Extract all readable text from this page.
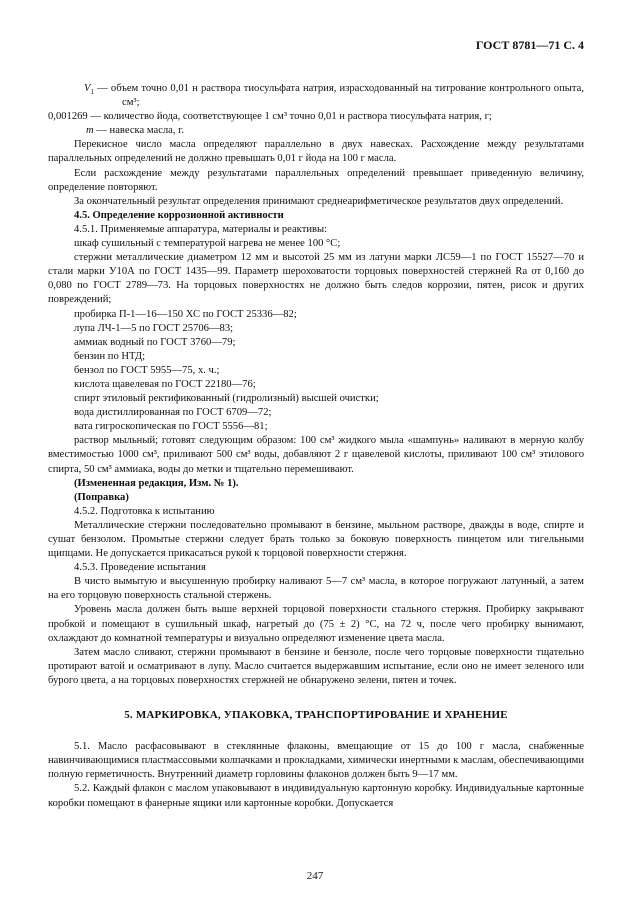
ГОСТ 8781—71 С. 4

$V_1$ — объем точно 0,01 н раствора тиосульфата натрия, израсходованный на титрование контрольного опыта, см³;

0,001269 — количество йода, соответствующее 1 см³ точно 0,01 н раствора тиосульфата натрия, г;

m — навеска масла, г.

Перекисное число масла определяют параллельно в двух навесках. Расхождение между результатами параллельных определений не должно превышать 0,01 г йода на 100 г масла.

Если расхождение между результатами параллельных определений превышает приведенную величину, определение повторяют.

За окончательный результат определения принимают среднеарифметическое результатов двух определений.

4.5. Определение коррозионной активности

4.5.1. Применяемые аппаратура, материалы и реактивы:

шкаф сушильный с температурой нагрева не менее 100 °С;

стержни металлические диаметром 12 мм и высотой 25 мм из латуни марки ЛС59—1 по ГОСТ 15527—70 и стали марки У10А по ГОСТ 1435—99. Параметр шероховатости торцовых поверхностей стержней Ra от 0,160 до 0,080 по ГОСТ 2789—73. На торцовых поверхностях не должно быть следов коррозии, пятен, рисок и других повреждений;

пробирка П-1—16—150 ХС по ГОСТ 25336—82;

лупа ЛЧ-1—5 по ГОСТ 25706—83;

аммиак водный по ГОСТ 3760—79;

бензин по НТД;

бензол по ГОСТ 5955—75, х. ч.;

кислота щавелевая по ГОСТ 22180—76;

спирт этиловый ректификованный (гидролизный) высшей очистки;

вода дистиллированная по ГОСТ 6709—72;

вата гигроскопическая по ГОСТ 5556—81;

раствор мыльный; готовят следующим образом: 100 см³ жидкого мыла «шампунь» наливают в мерную колбу вместимостью 1000 см³, приливают 500 см³ воды, добавляют 2 г щавелевой кислоты, приливают 100 см³ этилового спирта, 50 см³ аммиака, воды до метки и тщательно перемешивают.

(Измененная редакция, Изм. № 1).

(Поправка)

4.5.2. Подготовка к испытанию

Металлические стержни последовательно промывают в бензине, мыльном растворе, дважды в воде, спирте и сушат бензолом. Промытые стержни следует брать только за боковую поверхность пинцетом или тигельными щипцами. Не допускается прикасаться рукой к торцовой поверхности стержня.

4.5.3. Проведение испытания

В чисто вымытую и высушенную пробирку наливают 5—7 см³ масла, в которое погружают латунный, а затем на его торцовую поверхность стальной стержень.

Уровень масла должен быть выше верхней торцовой поверхности стального стержня. Пробирку закрывают пробкой и помещают в сушильный шкаф, нагретый до (75 ± 2) °С, на 72 ч, после чего пробирку вынимают, охлаждают до комнатной температуры и визуально определяют изменение цвета масла.

Затем масло сливают, стержни промывают в бензине и бензоле, после чего торцовые поверхности тщательно протирают ватой и осматривают в лупу. Масло считается выдержавшим испытание, если оно не имеет зеленого или бурого цвета, а на торцовых поверхностях стержней не обнаружено зелени, пятен и точек.

5. МАРКИРОВКА, УПАКОВКА, ТРАНСПОРТИРОВАНИЕ И ХРАНЕНИЕ

5.1. Масло расфасовывают в стеклянные флаконы, вмещающие от 15 до 100 г масла, снабженные навинчивающимися пластмассовыми колпачками и прокладками, химически инертными к маслам, обеспечивающими полную герметичность. Внутренний диаметр горловины флаконов должен быть 9—17 мм.

5.2. Каждый флакон с маслом упаковывают в индивидуальную картонную коробку. Индивидуальные картонные коробки помещают в фанерные ящики или картонные коробки. Допускается

247
